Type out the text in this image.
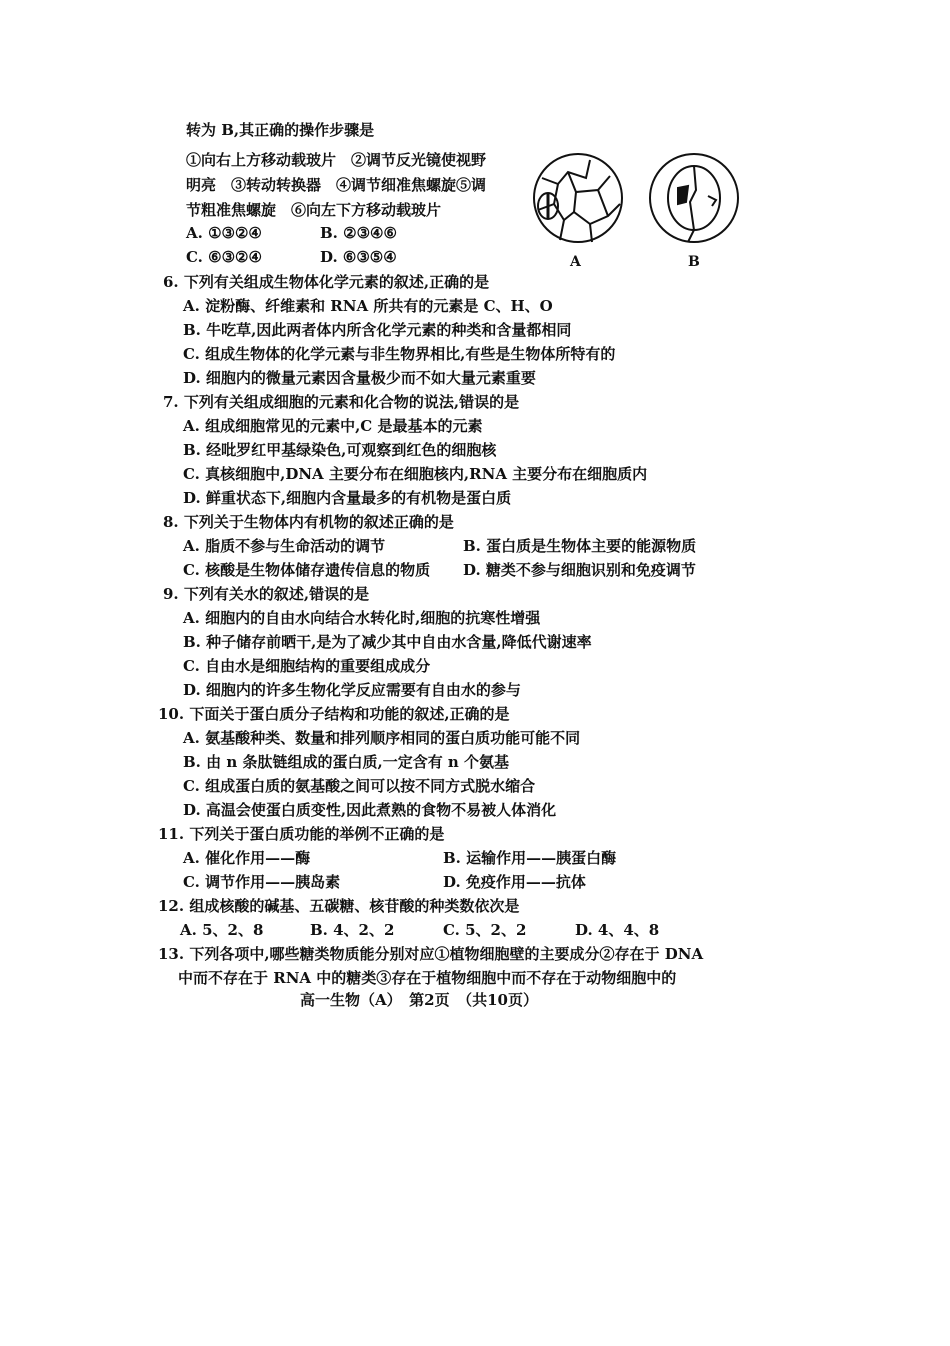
转为 B,其正确的操作步骤是
①向右上方移动载玻片　②调节反光镜使视野
明亮　③转动转换器　④调节细准焦螺旋⑤调
节粗准焦螺旋　⑥向左下方移动载玻片
A. ①③②④	B. ②③④⑥
C. ⑥③②④	D. ⑥③⑤④	A	B
6. 下列有关组成生物体化学元素的叙述,正确的是
A. 淀粉酶、纤维素和 RNA 所共有的元素是 C、H、O
B. 牛吃草,因此两者体内所含化学元素的种类和含量都相同
C. 组成生物体的化学元素与非生物界相比,有些是生物体所特有的
D. 细胞内的微量元素因含量极少而不如大量元素重要
7. 下列有关组成细胞的元素和化合物的说法,错误的是
A. 组成细胞常见的元素中,C 是最基本的元素
B. 经吡罗红甲基绿染色,可观察到红色的细胞核
C. 真核细胞中,DNA 主要分布在细胞核内,RNA 主要分布在细胞质内
D. 鲜重状态下,细胞内含量最多的有机物是蛋白质
8. 下列关于生物体内有机物的叙述正确的是
A. 脂质不参与生命活动的调节	B. 蛋白质是生物体主要的能源物质
C. 核酸是生物体储存遗传信息的物质 D. 糖类不参与细胞识别和免疫调节
9. 下列有关水的叙述,错误的是
A. 细胞内的自由水向结合水转化时,细胞的抗寒性增强
B. 种子储存前晒干,是为了减少其中自由水含量,降低代谢速率
C. 自由水是细胞结构的重要组成成分
D. 细胞内的许多生物化学反应需要有自由水的参与
10. 下面关于蛋白质分子结构和功能的叙述,正确的是
A. 氨基酸种类、数量和排列顺序相同的蛋白质功能可能不同
B. 由 n 条肽链组成的蛋白质,一定含有 n 个氨基
C. 组成蛋白质的氨基酸之间可以按不同方式脱水缩合
D. 高温会使蛋白质变性,因此煮熟的食物不易被人体消化
11. 下列关于蛋白质功能的举例不正确的是
A. 催化作用——酶	B. 运输作用——胰蛋白酶
C. 调节作用——胰岛素	D. 免疫作用——抗体
12. 组成核酸的碱基、五碳糖、核苷酸的种类数依次是
A. 5、2、8	B. 4、2、2	C. 5、2、2	D. 4、4、8
13. 下列各项中,哪些糖类物质能分别对应①植物细胞壁的主要成分②存在于 DNA
中而不存在于 RNA 中的糖类③存在于植物细胞中而不存在于动物细胞中的
高一生物（A）　第2页　（共10页）
